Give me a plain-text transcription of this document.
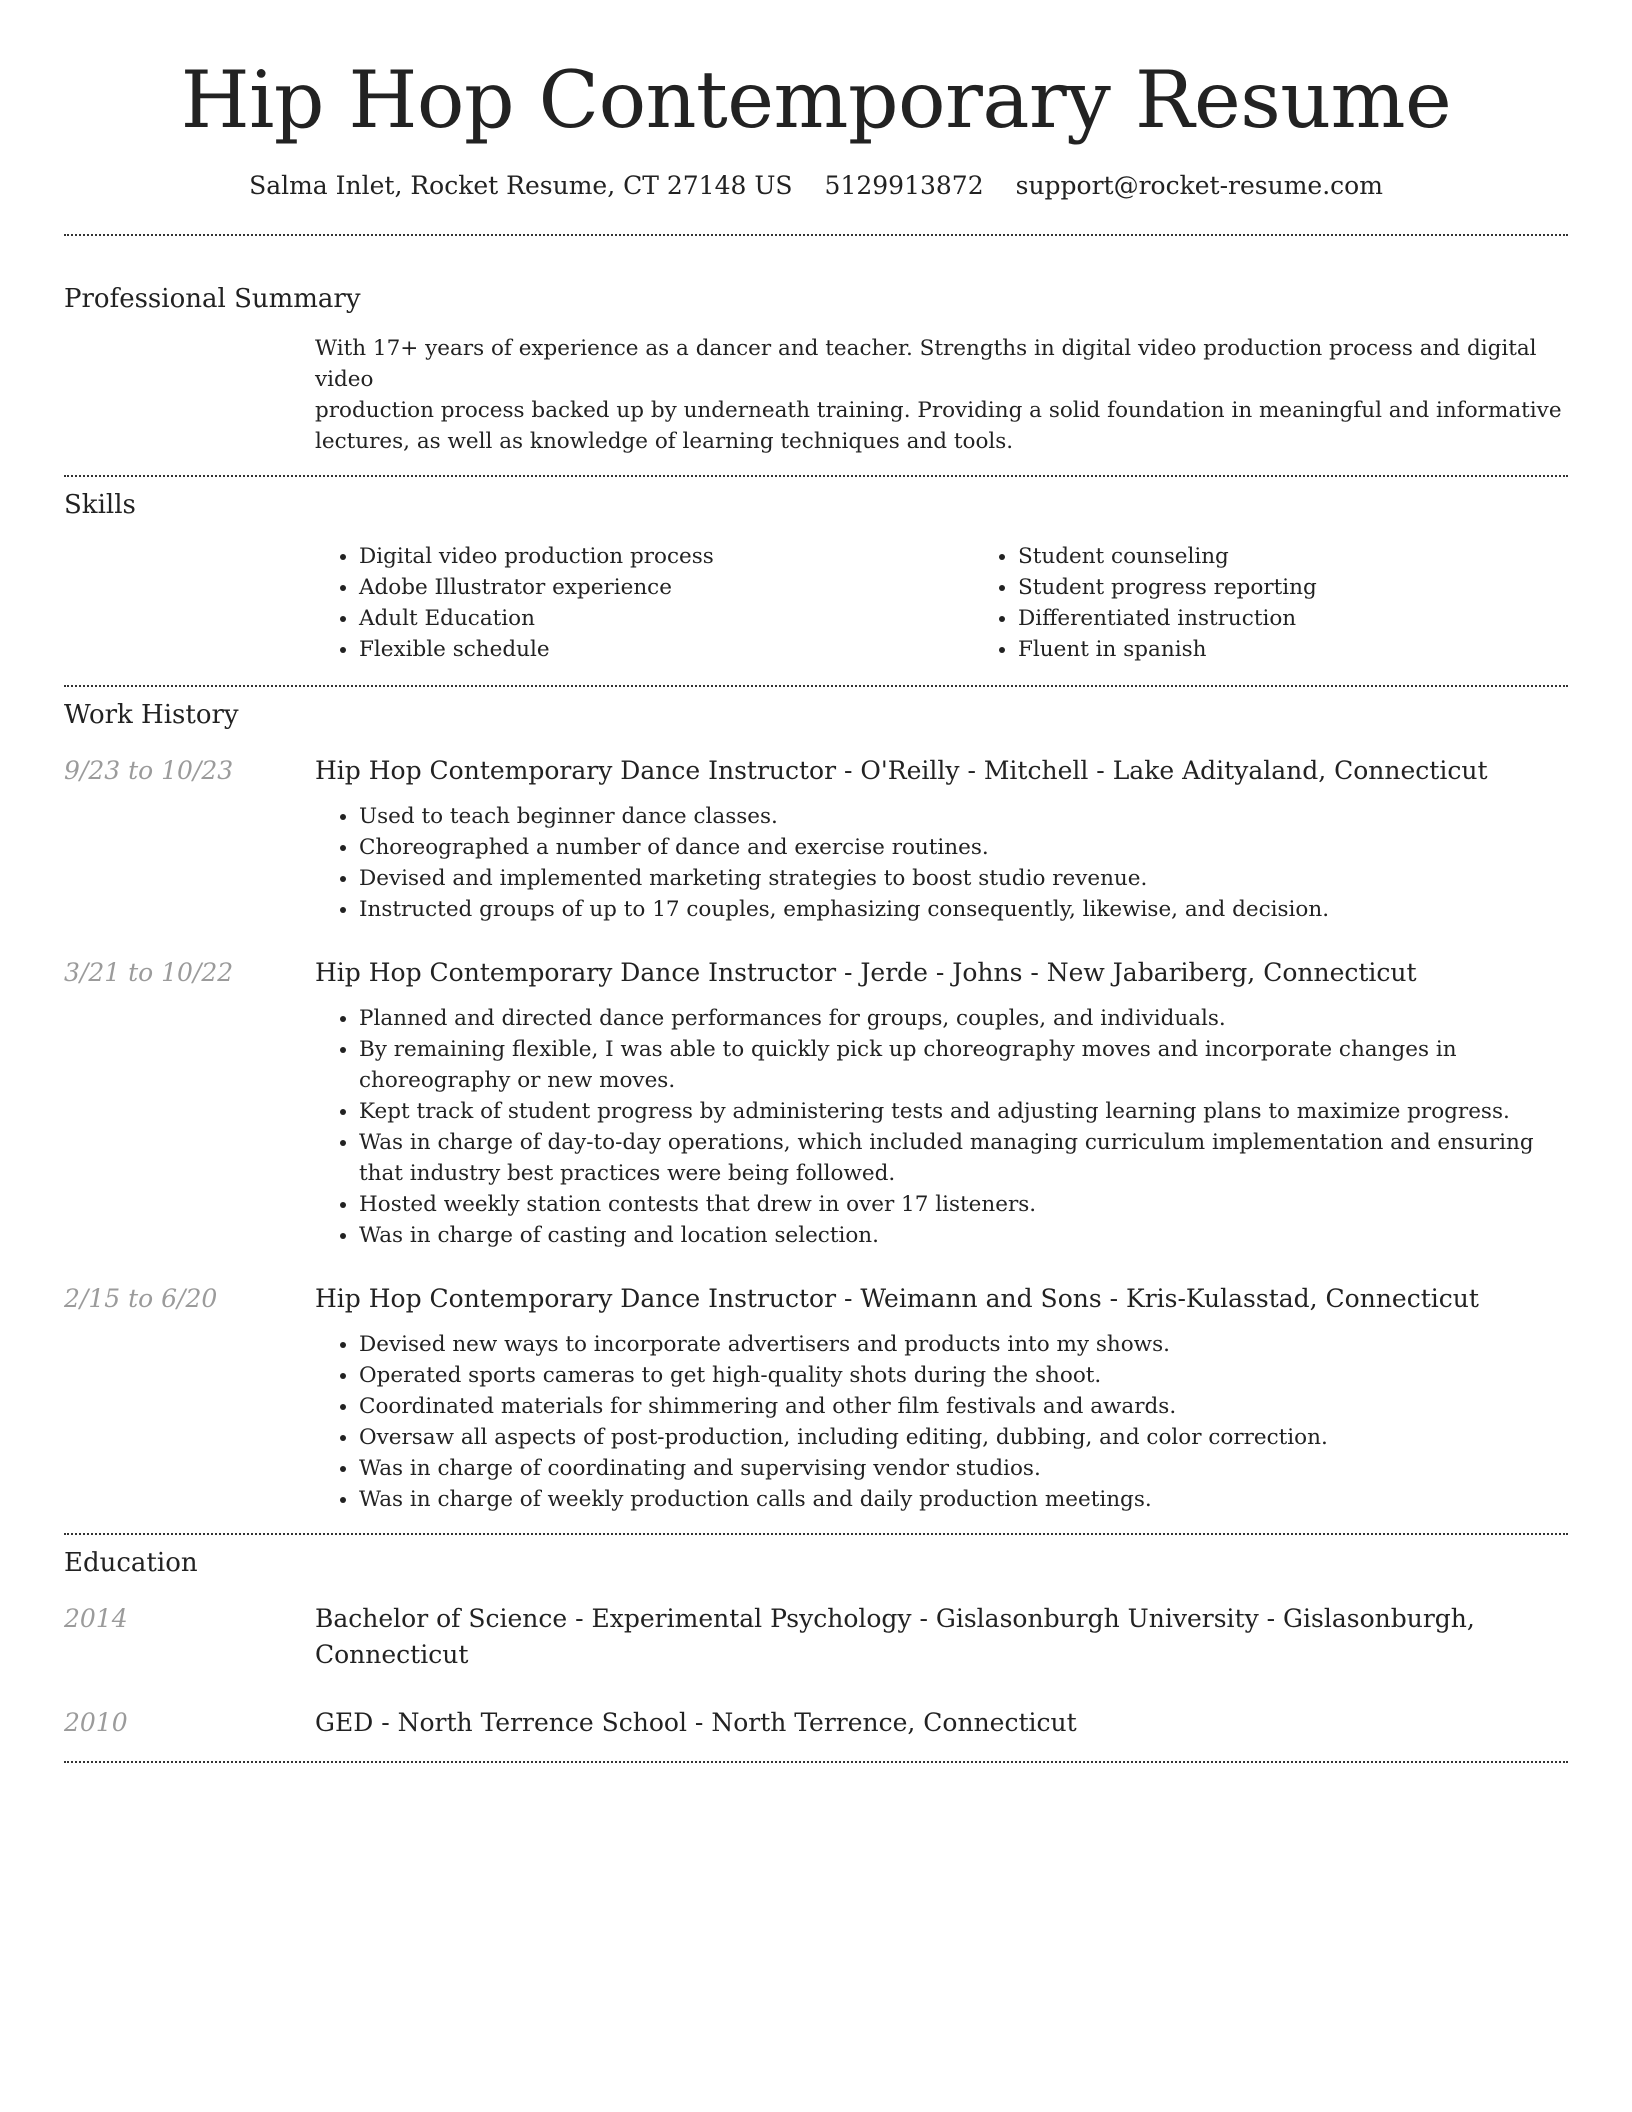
Hip Hop Contemporary Resume
Salma Inlet, Rocket Resume, CT 27148 US 5129913872 support@rocket-resume.com
Professional Summary
With 17+ years of experience as a dancer and teacher. Strengths in digital video production process and digital video
production process backed up by underneath training. Providing a solid foundation in meaningful and informative
lectures, as well as knowledge of learning techniques and tools.
Skills
• Digital video production process
• Adobe Illustrator experience
• Adult Education
• Flexible schedule
• Student counseling
• Student progress reporting
• Differentiated instruction
• Fluent in spanish
Work History
9/23 to 10/23	Hip Hop Contemporary Dance Instructor - O'Reilly - Mitchell - Lake Adityaland, Connecticut
• Used to teach beginner dance classes.
• Choreographed a number of dance and exercise routines.
• Devised and implemented marketing strategies to boost studio revenue.
• Instructed groups of up to 17 couples, emphasizing consequently, likewise, and decision.
3/21 to 10/22	Hip Hop Contemporary Dance Instructor - Jerde - Johns - New Jabariberg, Connecticut
• Planned and directed dance performances for groups, couples, and individuals.
• By remaining flexible, I was able to quickly pick up choreography moves and incorporate changes in choreography or new moves.
• Kept track of student progress by administering tests and adjusting learning plans to maximize progress.
• Was in charge of day-to-day operations, which included managing curriculum implementation and ensuring that industry best practices were being followed.
• Hosted weekly station contests that drew in over 17 listeners.
• Was in charge of casting and location selection.
2/15 to 6/20	Hip Hop Contemporary Dance Instructor - Weimann and Sons - Kris-Kulasstad, Connecticut
• Devised new ways to incorporate advertisers and products into my shows.
• Operated sports cameras to get high-quality shots during the shoot.
• Coordinated materials for shimmering and other film festivals and awards.
• Oversaw all aspects of post-production, including editing, dubbing, and color correction.
• Was in charge of coordinating and supervising vendor studios.
• Was in charge of weekly production calls and daily production meetings.
Education
2014	Bachelor of Science - Experimental Psychology - Gislasonburgh University - Gislasonburgh, Connecticut
2010	GED - North Terrence School - North Terrence, Connecticut
